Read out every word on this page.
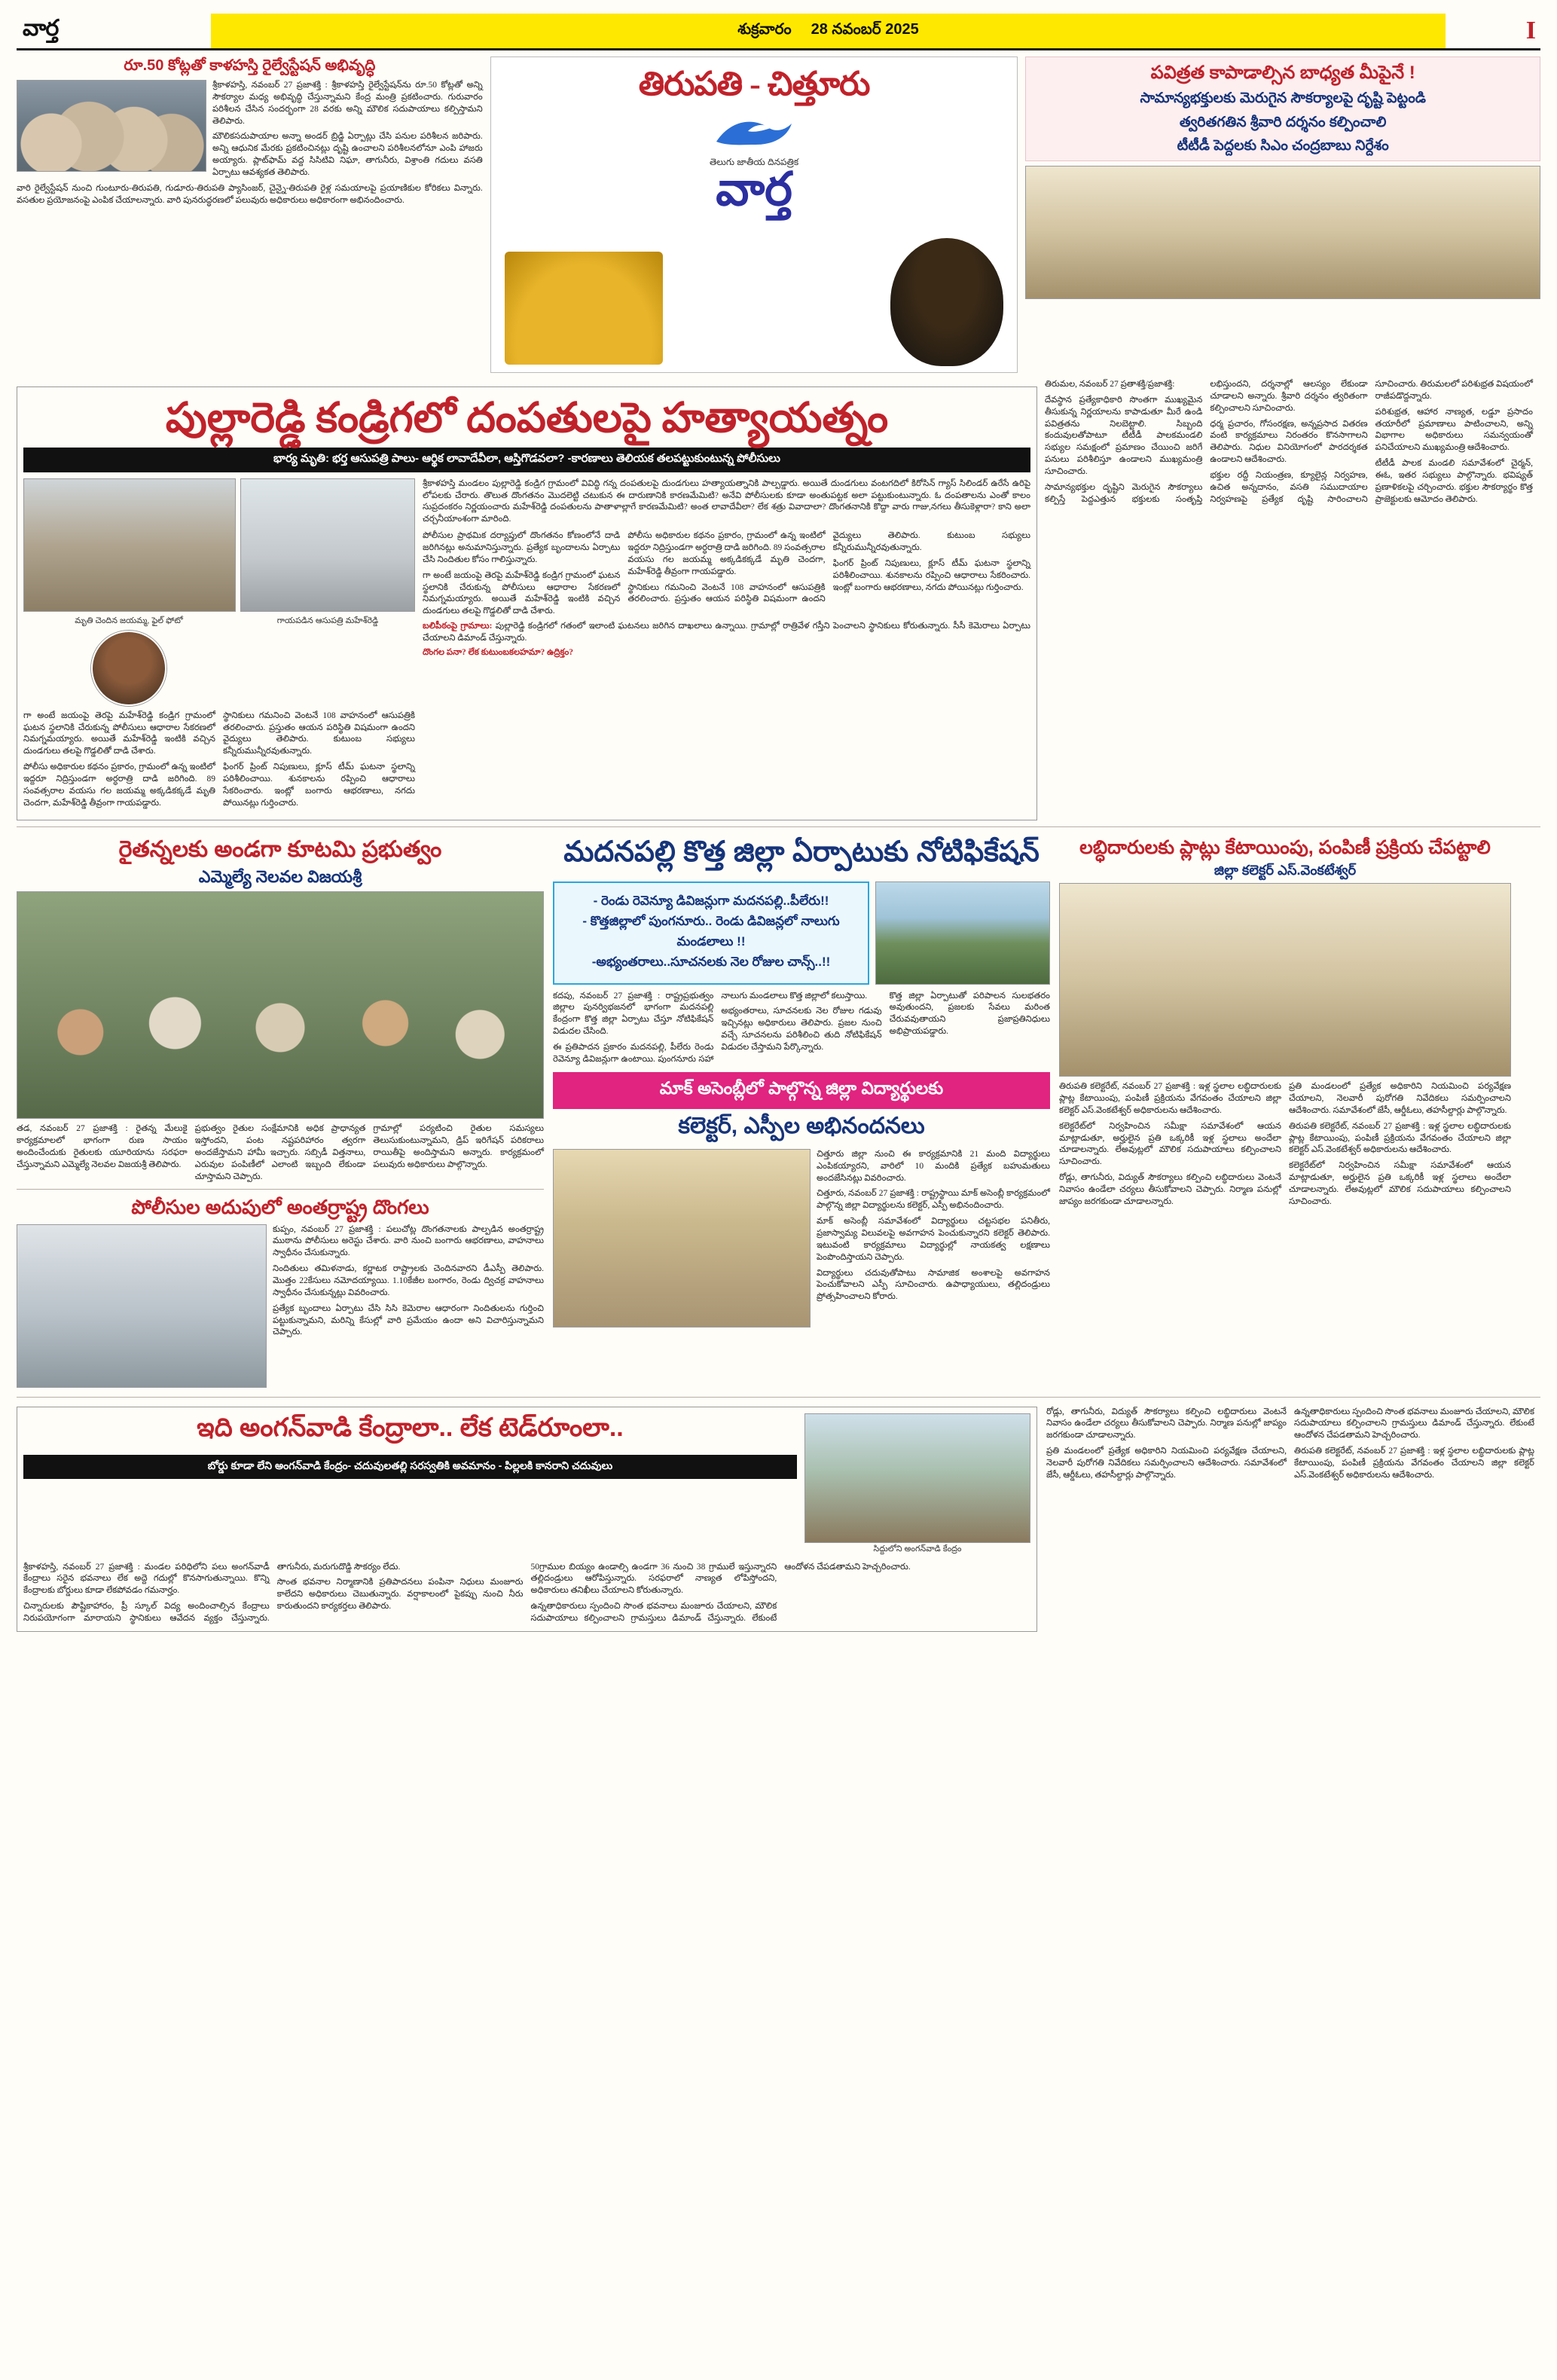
వార్త	శుక్రవారం 28 నవంబర్ 2025	I
రూ.50 కోట్లతో కాళహస్తి రైల్వేస్టేషన్ అభివృద్ధి

శ్రీకాళహస్తి, నవంబర్ 27 ప్రజాశక్తి : శ్రీకాళహస్తి రైల్వేస్టేషన్‌ను రూ.50 కోట్లతో అన్ని సౌకర్యాల మధ్య అభివృద్ధి చేస్తున్నామని కేంద్ర మంత్రి ప్రకటించారు. గురువారం పరిశీలన చేసిన సందర్భంగా 28 వరకు అన్ని మౌలిక సదుపాయాలు కల్పిస్తామని తెలిపారు.

మౌలికసదుపాయాల అన్నా అండర్ బ్రిడ్జి ఏర్పాట్లు చేసి పనుల పరిశీలన జరిపారు. అన్ని ఆధునిక మేరకు ప్రకటించినట్లు దృష్టి ఉంచాలని పరిశీలనలోనూ ఎంపి హాజరు అయ్యారు. ప్లాట్‌ఫామ్ వద్ద సిసిటివి నిఘా, తాగునీరు, విశ్రాంతి గదులు వసతి ఏర్పాటు ఆవశ్యకత తెలిపారు.

వారి రైల్వేస్టేషన్ నుంచి గుంటూరు-తిరుపతి, గుడూరు-తిరుపతి ప్యాసింజర్, చైన్నై-తిరుపతి రైళ్ల సమయాలపై ప్రయాణికుల కోరికలు విన్నారు. వసతుల ప్రయోజనంపై ఎంపిక చేయాలన్నారు. వారి పునరుద్ధరణలో పలువురు అధికారులు అధికారంగా అభినందించారు.

తిరుపతి - చిత్తూరు
తెలుగు జాతీయ దినపత్రిక
వార్త
పవిత్రత కాపాడాల్సిన బాధ్యత మీపైనే !
సామాన్యభక్తులకు మెరుగైన సౌకర్యాలపై దృష్టి పెట్టండి
త్వరితగతిన శ్రీవారి దర్శనం కల్పించాలి
టీటీడీ పెద్దలకు సిఎం చంద్రబాబు నిర్దేశం
పుల్లారెడ్డి కండ్రిగలో దంపతులపై హత్యాయత్నం
భార్య మృతి: భర్త ఆసుపత్రి పాలు- ఆర్థిక లావాదేవీలా, ఆస్తిగొడవలా? -కారణాలు తెలియక తలపట్టుకుంటున్న పోలీసులు
మృతి చెందిన జయమ్మ, ఫైల్ ఫోటో	గాయపడిన ఆసుపత్రి మహేశ్‌రెడ్డి

గా అంటే జయంపై తెరపై మహేశ్‌రెడ్డి కండ్రిగ గ్రామంలో ఘటన స్థలానికి చేరుకున్న పోలీసులు ఆధారాల సేకరణలో నిమగ్నమయ్యారు. అయితే మహేశ్‌రెడ్డి ఇంటికి వచ్చిన దుండగులు తలపై గొడ్డలితో దాడి చేశారు.

పోలీసు అధికారుల కథనం ప్రకారం, గ్రామంలో ఉన్న ఇంటిలో ఇద్దరూ నిద్రిస్తుండగా అర్ధరాత్రి దాడి జరిగింది. 89 సంవత్సరాల వయసు గల జయమ్మ అక్కడికక్కడే మృతి చెందగా, మహేశ్‌రెడ్డి తీవ్రంగా గాయపడ్డారు.

స్థానికులు గమనించి వెంటనే 108 వాహనంలో ఆసుపత్రికి తరలించారు. ప్రస్తుతం ఆయన పరిస్థితి విషమంగా ఉందని వైద్యులు తెలిపారు. కుటుంబ సభ్యులు కన్నీరుమున్నీరవుతున్నారు.

ఫింగర్ ప్రింట్ నిపుణులు, క్లూస్ టీమ్ ఘటనా స్థలాన్ని పరిశీలించాయి. శునకాలను రప్పించి ఆధారాలు సేకరించారు. ఇంట్లో బంగారు ఆభరణాలు, నగదు పోయినట్లు గుర్తించారు.

శ్రీకాళహస్తి మండలం పుల్లారెడ్డి కండ్రిగ గ్రామంలో వివిద్ధి గన్న దంపతులపై దుండగులు హత్యాయత్నానికి పాల్పడ్డారు. అయితే దుండగులు వంటగదిలో కిరోసిన్ గ్యాస్ సిలిండర్ ఉరేసే ఉరిపై లోపలకు చేరారు. తొలుత దొంగతనం మొదలెట్టి చటుకున ఈ దారుణానికి కారణమేమిటి? అనేవి పోలీసులకు కూడా అంతుపట్టక అలా పట్టుకుంటున్నారు. ఓ దంపతాలను ఎంతో కాలం సుప్రదంకరం నిర్ణయంచారు మహేశ్‌రెడ్డి దంపతులను పాతాళాల్లాగే కారణమేమిటి? అంత లావాదేవీలా? లేక శత్రు వివాదాలా? దొంగతనానికి కొద్దా వారు గాజు,నగలు తీసుకెళ్లారా? కాని అలా చర్చనీయాంశంగా మారింది.

పోలీసుల ప్రాథమిక దర్యాప్తులో దొంగతనం కోణంలోనే దాడి జరిగినట్లు అనుమానిస్తున్నారు. ప్రత్యేక బృందాలను ఏర్పాటు చేసి నిందితుల కోసం గాలిస్తున్నారు.

గా అంటే జయంపై తెరపై మహేశ్‌రెడ్డి కండ్రిగ గ్రామంలో ఘటన స్థలానికి చేరుకున్న పోలీసులు ఆధారాల సేకరణలో నిమగ్నమయ్యారు. అయితే మహేశ్‌రెడ్డి ఇంటికి వచ్చిన దుండగులు తలపై గొడ్డలితో దాడి చేశారు.

పోలీసు అధికారుల కథనం ప్రకారం, గ్రామంలో ఉన్న ఇంటిలో ఇద్దరూ నిద్రిస్తుండగా అర్ధరాత్రి దాడి జరిగింది. 89 సంవత్సరాల వయసు గల జయమ్మ అక్కడికక్కడే మృతి చెందగా, మహేశ్‌రెడ్డి తీవ్రంగా గాయపడ్డారు.

స్థానికులు గమనించి వెంటనే 108 వాహనంలో ఆసుపత్రికి తరలించారు. ప్రస్తుతం ఆయన పరిస్థితి విషమంగా ఉందని వైద్యులు తెలిపారు. కుటుంబ సభ్యులు కన్నీరుమున్నీరవుతున్నారు.

ఫింగర్ ప్రింట్ నిపుణులు, క్లూస్ టీమ్ ఘటనా స్థలాన్ని పరిశీలించాయి. శునకాలను రప్పించి ఆధారాలు సేకరించారు. ఇంట్లో బంగారు ఆభరణాలు, నగదు పోయినట్లు గుర్తించారు.

బలిపీఠంపై గ్రామాలు: పుల్లారెడ్డి కండ్రిగలో గతంలో ఇలాంటి ఘటనలు జరిగిన దాఖలాలు ఉన్నాయి. గ్రామాల్లో రాత్రివేళ గస్తీని పెంచాలని స్థానికులు కోరుతున్నారు. సీసీ కెమెరాలు ఏర్పాటు చేయాలని డిమాండ్ చేస్తున్నారు.
దొంగల పనా? లేక కుటుంబకలహమా? ఉద్రిక్తం?

తిరుమల, నవంబర్ 27 ప్రతాశక్తి/ప్రజాశక్తి:

దేవస్థాన ప్రత్యేకాధికారి సొంతగా ముఖ్యమైన తీసుకున్న నిర్ణయాలను కాపాడుతూ మీరే ఉండి పవిత్రతను నిలబెట్టాలి. సిబ్బంది కందువులతోపాటూ టీటీడీ పాలకమండలి సభ్యుల సమక్షంలో ప్రమాణం చేయించి జరిగే పనులు పరిశీలిస్తూ ఉండాలని ముఖ్యమంత్రి సూచించారు.

సామాన్యభక్తుల దృష్టిని మెరుగైన సౌకర్యాలు కల్పిస్తే పెద్దఎత్తున భక్తులకు సంతృప్తి లభిస్తుందని, దర్శనాల్లో ఆలస్యం లేకుండా చూడాలని అన్నారు. శ్రీవారి దర్శనం త్వరితంగా కల్పించాలని సూచించారు.

ధర్మ ప్రచారం, గోసంరక్షణ, అన్నప్రసాద వితరణ వంటి కార్యక్రమాలు నిరంతరం కొనసాగాలని తెలిపారు. నిధుల వినియోగంలో పారదర్శకత ఉండాలని ఆదేశించారు.

భక్తుల రద్దీ నియంత్రణ, క్యూలైన్ల నిర్వహణ, ఉచిత అన్నదానం, వసతి సముదాయాల నిర్వహణపై ప్రత్యేక దృష్టి సారించాలని సూచించారు. తిరుమలలో పరిశుభ్రత విషయంలో రాజీపడొద్దన్నారు.

పరిశుభ్రత, ఆహార నాణ్యత, లడ్డూ ప్రసాదం తయారీలో ప్రమాణాలు పాటించాలని, అన్ని విభాగాల అధికారులు సమన్వయంతో పనిచేయాలని ముఖ్యమంత్రి ఆదేశించారు.

టీటీడీ పాలక మండలి సమావేశంలో చైర్మన్, ఈఓ, ఇతర సభ్యులు పాల్గొన్నారు. భవిష్యత్ ప్రణాళికలపై చర్చించారు. భక్తుల సౌకర్యార్థం కొత్త ప్రాజెక్టులకు ఆమోదం తెలిపారు.

రైతన్నలకు అండగా కూటమి ప్రభుత్వం
ఎమ్మెల్యే నెలవల విజయశ్రీ

తడ, నవంబర్ 27 ప్రజాశక్తి : రైతన్న మేలుకై కార్యక్రమాలలో భాగంగా రుణ సాయం అందించేందుకు రైతులకు యూరియాను సరఫరా చేస్తున్నామని ఎమ్మెల్యే నెలవల విజయశ్రీ తెలిపారు.

ప్రభుత్వం రైతుల సంక్షేమానికి అధిక ప్రాధాన్యత ఇస్తోందని, పంట నష్టపరిహారం త్వరగా అందజేస్తామని హామీ ఇచ్చారు. సబ్సిడీ విత్తనాలు, ఎరువుల పంపిణీలో ఎలాంటి ఇబ్బంది లేకుండా చూస్తామని చెప్పారు.

గ్రామాల్లో పర్యటించి రైతుల సమస్యలు తెలుసుకుంటున్నామని, డ్రిప్ ఇరిగేషన్ పరికరాలు రాయితీపై అందిస్తామని అన్నారు. కార్యక్రమంలో పలువురు అధికారులు పాల్గొన్నారు.

పోలీసుల అదుపులో అంతర్రాష్ట్ర దొంగలు

కుప్పం, నవంబర్ 27 ప్రజాశక్తి : పలుచోట్ల దొంగతనాలకు పాల్పడిన అంతర్రాష్ట్ర ముఠాను పోలీసులు అరెస్టు చేశారు. వారి నుంచి బంగారు ఆభరణాలు, వాహనాలు స్వాధీనం చేసుకున్నారు.

నిందితులు తమిళనాడు, కర్ణాటక రాష్ట్రాలకు చెందినవారని డీఎస్పీ తెలిపారు. మొత్తం 22కేసులు నమోదయ్యాయి. 1.10కేజీల బంగారం, రెండు ద్విచక్ర వాహనాలు స్వాధీనం చేసుకున్నట్లు వివరించారు.

ప్రత్యేక బృందాలు ఏర్పాటు చేసి సిసి కెమెరాల ఆధారంగా నిందితులను గుర్తించి పట్టుకున్నామని, మరిన్ని కేసుల్లో వారి ప్రమేయం ఉందా అని విచారిస్తున్నామని చెప్పారు.

మదనపల్లి కొత్త జిల్లా ఏర్పాటుకు నోటిఫికేషన్
- రెండు రెవెన్యూ డివిజన్లుగా మదనపల్లి..పీలేరు!!
- కొత్తజిల్లాలో పుంగనూరు.. రెండు డివిజన్లలో నాలుగు మండలాలు !!
-అభ్యంతరాలు..సూచనలకు నెల రోజుల చాన్స్..!!

కదపు, నవంబర్ 27 ప్రజాశక్తి : రాష్ట్రప్రభుత్వం జిల్లాల పునర్విభజనలో భాగంగా మదనపల్లి కేంద్రంగా కొత్త జిల్లా ఏర్పాటు చేస్తూ నోటిఫికేషన్ విడుదల చేసింది.

ఈ ప్రతిపాదన ప్రకారం మదనపల్లి, పీలేరు రెండు రెవెన్యూ డివిజన్లుగా ఉంటాయి. పుంగనూరు సహా నాలుగు మండలాలు కొత్త జిల్లాలో కలుస్తాయి.

అభ్యంతరాలు, సూచనలకు నెల రోజుల గడువు ఇచ్చినట్లు అధికారులు తెలిపారు. ప్రజల నుంచి వచ్చే సూచనలను పరిశీలించి తుది నోటిఫికేషన్ విడుదల చేస్తామని పేర్కొన్నారు.

కొత్త జిల్లా ఏర్పాటుతో పరిపాలన సులభతరం అవుతుందని, ప్రజలకు సేవలు మరింత చేరువవుతాయని ప్రజాప్రతినిధులు అభిప్రాయపడ్డారు.

మాక్ అసెంబ్లీలో పాల్గొన్న జిల్లా విద్యార్థులకు
కలెక్టర్, ఎస్పీల అభినందనలు

చిత్తూరు జిల్లా నుంచి ఈ కార్యక్రమానికి 21 మంది విద్యార్థులు ఎంపికయ్యారని, వారిలో 10 మందికి ప్రత్యేక బహుమతులు అందజేసినట్లు వివరించారు.

చిత్తూరు, నవంబర్ 27 ప్రజాశక్తి : రాష్ట్రస్థాయి మాక్ అసెంబ్లీ కార్యక్రమంలో పాల్గొన్న జిల్లా విద్యార్థులను కలెక్టర్, ఎస్పీ అభినందించారు.

మాక్ అసెంబ్లీ సమావేశంలో విద్యార్థులు చట్టసభల పనితీరు, ప్రజాస్వామ్య విలువలపై అవగాహన పెంచుకున్నారని కలెక్టర్ తెలిపారు. ఇటువంటి కార్యక్రమాలు విద్యార్థుల్లో నాయకత్వ లక్షణాలు పెంపొందిస్తాయని చెప్పారు.

విద్యార్థులు చదువుతోపాటు సామాజిక అంశాలపై అవగాహన పెంచుకోవాలని ఎస్పీ సూచించారు. ఉపాధ్యాయులు, తల్లిదండ్రులు ప్రోత్సహించాలని కోరారు.

లబ్ధిదారులకు ప్లాట్లు కేటాయింపు, పంపిణీ ప్రక్రియ చేపట్టాలి
జిల్లా కలెక్టర్ ఎస్.వెంకటేశ్వర్

తిరుపతి కలెక్టరేట్, నవంబర్ 27 ప్రజాశక్తి : ఇళ్ల స్థలాల లబ్ధిదారులకు ప్లాట్ల కేటాయింపు, పంపిణీ ప్రక్రియను వేగవంతం చేయాలని జిల్లా కలెక్టర్ ఎస్.వెంకటేశ్వర్ అధికారులను ఆదేశించారు.

కలెక్టరేట్‌లో నిర్వహించిన సమీక్షా సమావేశంలో ఆయన మాట్లాడుతూ, అర్హులైన ప్రతి ఒక్కరికీ ఇళ్ల స్థలాలు అందేలా చూడాలన్నారు. లేఅవుట్లలో మౌలిక సదుపాయాలు కల్పించాలని సూచించారు.

రోడ్లు, తాగునీరు, విద్యుత్ సౌకర్యాలు కల్పించి లబ్ధిదారులు వెంటనే నివాసం ఉండేలా చర్యలు తీసుకోవాలని చెప్పారు. నిర్మాణ పనుల్లో జాప్యం జరగకుండా చూడాలన్నారు.

ప్రతి మండలంలో ప్రత్యేక అధికారిని నియమించి పర్యవేక్షణ చేయాలని, నెలవారీ పురోగతి నివేదికలు సమర్పించాలని ఆదేశించారు. సమావేశంలో జేసీ, ఆర్డీఓలు, తహసీల్దార్లు పాల్గొన్నారు.

తిరుపతి కలెక్టరేట్, నవంబర్ 27 ప్రజాశక్తి : ఇళ్ల స్థలాల లబ్ధిదారులకు ప్లాట్ల కేటాయింపు, పంపిణీ ప్రక్రియను వేగవంతం చేయాలని జిల్లా కలెక్టర్ ఎస్.వెంకటేశ్వర్ అధికారులను ఆదేశించారు.

కలెక్టరేట్‌లో నిర్వహించిన సమీక్షా సమావేశంలో ఆయన మాట్లాడుతూ, అర్హులైన ప్రతి ఒక్కరికీ ఇళ్ల స్థలాలు అందేలా చూడాలన్నారు. లేఅవుట్లలో మౌలిక సదుపాయాలు కల్పించాలని సూచించారు.

ఇది అంగన్‌వాడి కేంద్రాలా.. లేక టెడ్‌రూంలా..
బోర్డు కూడా లేని అంగన్‌వాడి కేంద్రం- చదువులతల్లి సరస్వతికి అవమానం - పిల్లలకి కానరాని చదువులు
సిద్దులోని అంగన్‌వాడి కేంద్రం

శ్రీకాళహస్తి, నవంబర్ 27 ప్రజాశక్తి : మండల పరిధిలోని పలు అంగన్‌వాడీ కేంద్రాలు సరైన భవనాలు లేక అద్దె గదుల్లో కొనసాగుతున్నాయి. కొన్ని కేంద్రాలకు బోర్డులు కూడా లేకపోవడం గమనార్హం.

చిన్నారులకు పౌష్టికాహారం, ప్రీ స్కూల్ విద్య అందించాల్సిన కేంద్రాలు నిరుపయోగంగా మారాయని స్థానికులు ఆవేదన వ్యక్తం చేస్తున్నారు. తాగునీరు, మరుగుదొడ్డి సౌకర్యం లేదు.

సొంత భవనాల నిర్మాణానికి ప్రతిపాదనలు పంపినా నిధులు మంజూరు కాలేదని అధికారులు చెబుతున్నారు. వర్షాకాలంలో పైకప్పు నుంచి నీరు కారుతుందని కార్యకర్తలు తెలిపారు.

50గ్రాముల బియ్యం ఉండాల్సి ఉండగా 36 నుంచి 38 గ్రాములే ఇస్తున్నారని తల్లిదండ్రులు ఆరోపిస్తున్నారు. సరఫరాలో నాణ్యత లోపిస్తోందని, అధికారులు తనిఖీలు చేయాలని కోరుతున్నారు.

ఉన్నతాధికారులు స్పందించి సొంత భవనాలు మంజూరు చేయాలని, మౌలిక సదుపాయాలు కల్పించాలని గ్రామస్తులు డిమాండ్ చేస్తున్నారు. లేకుంటే ఆందోళన చేపడతామని హెచ్చరించారు.

రోడ్లు, తాగునీరు, విద్యుత్ సౌకర్యాలు కల్పించి లబ్ధిదారులు వెంటనే నివాసం ఉండేలా చర్యలు తీసుకోవాలని చెప్పారు. నిర్మాణ పనుల్లో జాప్యం జరగకుండా చూడాలన్నారు.

ప్రతి మండలంలో ప్రత్యేక అధికారిని నియమించి పర్యవేక్షణ చేయాలని, నెలవారీ పురోగతి నివేదికలు సమర్పించాలని ఆదేశించారు. సమావేశంలో జేసీ, ఆర్డీఓలు, తహసీల్దార్లు పాల్గొన్నారు.

ఉన్నతాధికారులు స్పందించి సొంత భవనాలు మంజూరు చేయాలని, మౌలిక సదుపాయాలు కల్పించాలని గ్రామస్తులు డిమాండ్ చేస్తున్నారు. లేకుంటే ఆందోళన చేపడతామని హెచ్చరించారు.

తిరుపతి కలెక్టరేట్, నవంబర్ 27 ప్రజాశక్తి : ఇళ్ల స్థలాల లబ్ధిదారులకు ప్లాట్ల కేటాయింపు, పంపిణీ ప్రక్రియను వేగవంతం చేయాలని జిల్లా కలెక్టర్ ఎస్.వెంకటేశ్వర్ అధికారులను ఆదేశించారు.
